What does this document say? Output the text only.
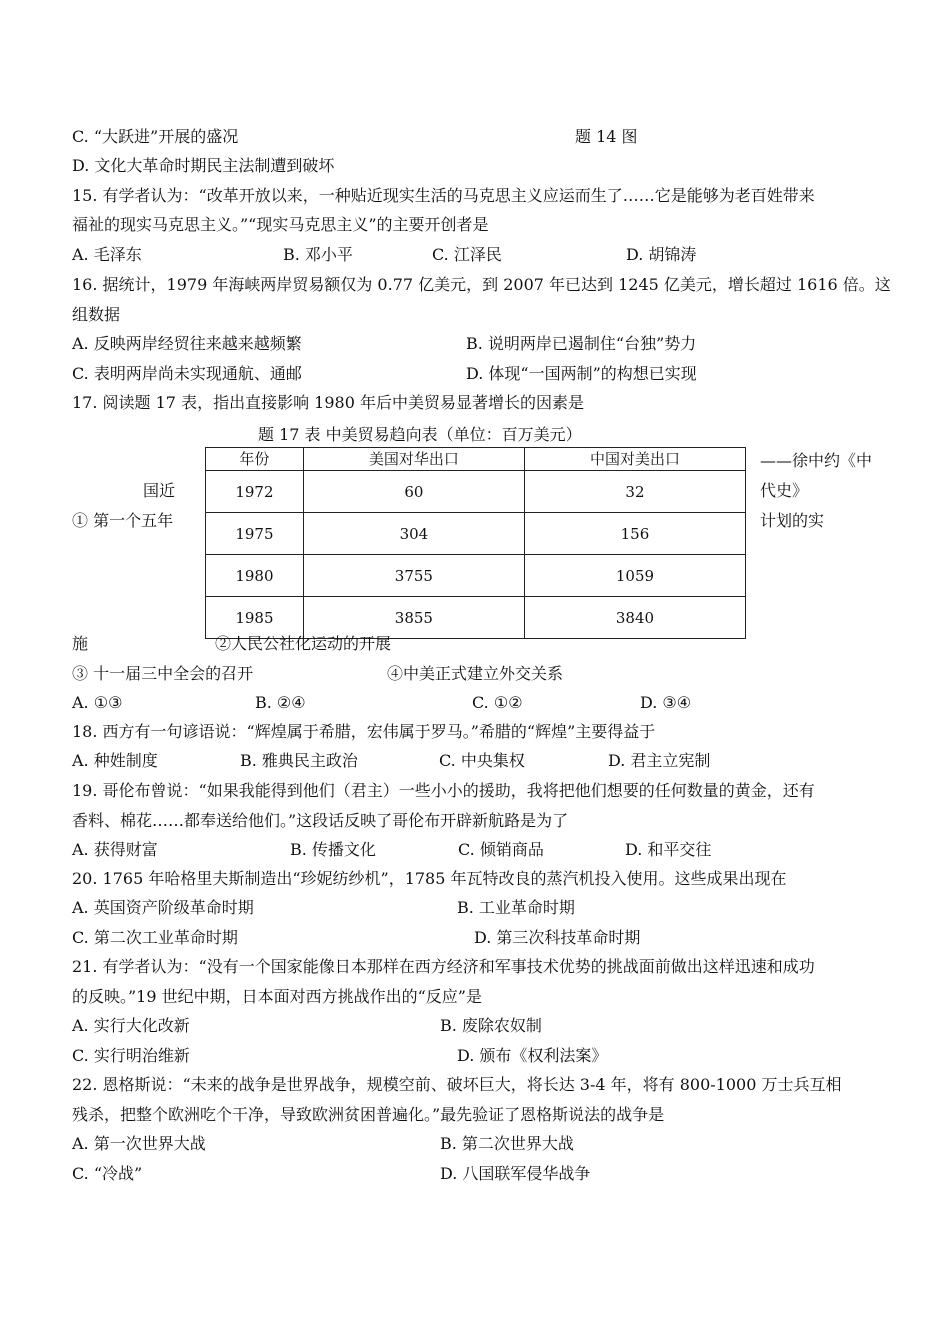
C. “大跃进”开展的盛况	题 14 图
D. 文化大革命时期民主法制遭到破坏
15. 有学者认为：“改革开放以来，一种贴近现实生活的马克思主义应运而生了……它是能够为老百姓带来
福祉的现实马克思主义。”“现实马克思主义”的主要开创者是
A. 毛泽东	B. 邓小平	C. 江泽民	D. 胡锦涛
16. 据统计，1979 年海峡两岸贸易额仅为 0.77 亿美元，到 2007 年已达到 1245 亿美元，增长超过 1616 倍。这
组数据
A. 反映两岸经贸往来越来越频繁	B. 说明两岸已遏制住“台独”势力
C. 表明两岸尚未实现通航、通邮	D. 体现“一国两制”的构想已实现
17. 阅读题 17 表，指出直接影响 1980 年后中美贸易显著增长的因素是
题 17 表 中美贸易趋向表（单位：百万美元）
年份	美国对华出口	中国对美出口
1972	60	32
1975	304	156
1980	3755	1059
1985	3855	3840
——徐中约《中
代史》
国近
① 第一个五年	计划的实
施	②人民公社化运动的开展
③ 十一届三中全会的召开	④中美正式建立外交关系
A. ①③	B. ②④	C. ①②	D. ③④
18. 西方有一句谚语说：“辉煌属于希腊，宏伟属于罗马。”希腊的“辉煌”主要得益于
A. 种姓制度	B. 雅典民主政治	C. 中央集权	D. 君主立宪制
19. 哥伦布曾说：“如果我能得到他们（君主）一些小小的援助，我将把他们想要的任何数量的黄金，还有
香料、棉花……都奉送给他们。”这段话反映了哥伦布开辟新航路是为了
A. 获得财富	B. 传播文化	C. 倾销商品	D. 和平交往
20. 1765 年哈格里夫斯制造出“珍妮纺纱机”，1785 年瓦特改良的蒸汽机投入使用。这些成果出现在
A. 英国资产阶级革命时期	B. 工业革命时期
C. 第二次工业革命时期	D. 第三次科技革命时期
21. 有学者认为：“没有一个国家能像日本那样在西方经济和军事技术优势的挑战面前做出这样迅速和成功
的反映。”19 世纪中期，日本面对西方挑战作出的“反应”是
A. 实行大化改新	B. 废除农奴制
C. 实行明治维新	D. 颁布《权利法案》
22. 恩格斯说：“未来的战争是世界战争，规模空前、破坏巨大，将长达 3-4 年，将有 800-1000 万士兵互相
残杀，把整个欧洲吃个干净，导致欧洲贫困普遍化。”最先验证了恩格斯说法的战争是
A. 第一次世界大战	B. 第二次世界大战
C. “冷战”	D. 八国联军侵华战争
